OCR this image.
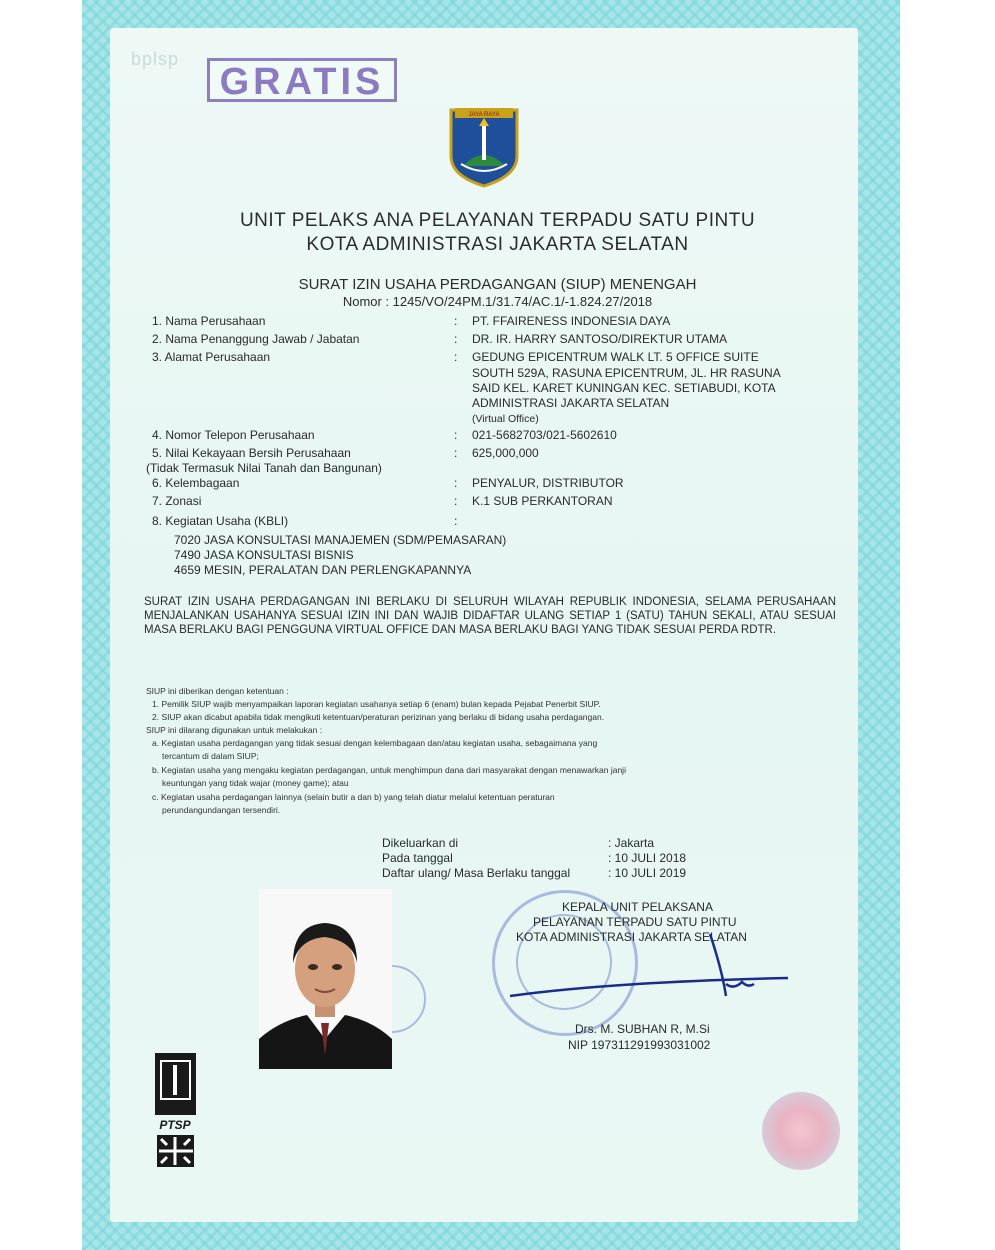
bplsp
GRATIS
JAYA RAYA
UNIT PELAKS ANA PELAYANAN TERPADU SATU PINTU
KOTA ADMINISTRASI JAKARTA SELATAN
SURAT IZIN USAHA PERDAGANGAN (SIUP) MENENGAH
Nomor : 1245/VO/24PM.1/31.74/AC.1/-1.824.27/2018
1. Nama Perusahaan	: PT. FFAIRENESS INDONESIA DAYA
2. Nama Penanggung Jawab / Jabatan	: DR. IR. HARRY SANTOSO/DIREKTUR UTAMA
3. Alamat Perusahaan	: GEDUNG EPICENTRUM WALK LT. 5 OFFICE SUITE
SOUTH 529A, RASUNA EPICENTRUM, JL. HR RASUNA
SAID KEL. KARET KUNINGAN KEC. SETIABUDI, KOTA
ADMINISTRASI JAKARTA SELATAN
(Virtual Office)
4. Nomor Telepon Perusahaan	: 021-5682703/021-5602610
5. Nilai Kekayaan Bersih Perusahaan	: 625,000,000
(Tidak Termasuk Nilai Tanah dan Bangunan)
6. Kelembagaan	: PENYALUR, DISTRIBUTOR
7. Zonasi	: K.1 SUB PERKANTORAN
8. Kegiatan Usaha (KBLI)	:
7020 JASA KONSULTASI MANAJEMEN (SDM/PEMASARAN)
7490 JASA KONSULTASI BISNIS
4659 MESIN, PERALATAN DAN PERLENGKAPANNYA
SURAT IZIN USAHA PERDAGANGAN INI BERLAKU DI SELURUH WILAYAH REPUBLIK INDONESIA, SELAMA PERUSAHAAN MENJALANKAN USAHANYA SESUAI IZIN INI DAN WAJIB DIDAFTAR ULANG SETIAP 1 (SATU) TAHUN SEKALI, ATAU SESUAI MASA BERLAKU BAGI PENGGUNA VIRTUAL OFFICE DAN MASA BERLAKU BAGI YANG TIDAK SESUAI PERDA RDTR.
SIUP ini diberikan dengan ketentuan :
1. Pemilik SIUP wajib menyampaikan laporan kegiatan usahanya setiap 6 (enam) bulan kepada Pejabat Penerbit SIUP.
2. SIUP akan dicabut apabila tidak mengikuti ketentuan/peraturan perizinan yang berlaku di bidang usaha perdagangan.
SIUP ini dilarang digunakan untuk melakukan :
a. Kegiatan usaha perdagangan yang tidak sesuai dengan kelembagaan dan/atau kegiatan usaha, sebagaimana yang
tercantum di dalam SIUP;
b. Kegiatan usaha yang mengaku kegiatan perdagangan, untuk menghimpun dana dari masyarakat dengan menawarkan janji
keuntungan yang tidak wajar (money game); atau
c. Kegiatan usaha perdagangan lainnya (selain butir a dan b) yang telah diatur melalui ketentuan peraturan
perundangundangan tersendiri.
Dikeluarkan di	: Jakarta
Pada tanggal	: 10 JULI 2018
Daftar ulang/ Masa Berlaku tanggal	: 10 JULI 2019
KEPALA UNIT PELAKSANA
PELAYANAN TERPADU SATU PINTU
KOTA ADMINISTRASI JAKARTA SELATAN
Drs. M. SUBHAN R, M.Si
NIP 197311291993031002
PTSP
